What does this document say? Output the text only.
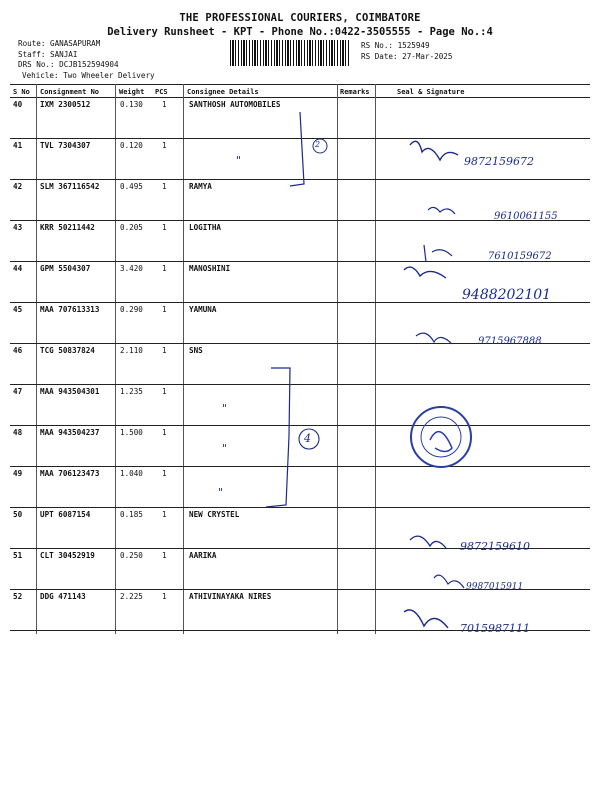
THE PROFESSIONAL COURIERS, COIMBATORE
Delivery Runsheet - KPT - Phone No.:0422-3505555 - Page No.:4
Route: GANASAPURAM
Staff: SANJAI
DRS No.: DCJB152594904
Vehicle: Two Wheeler Delivery
RS No.: 1525949
RS Date: 27-Mar-2025
S No Consignment No	Weight PCS	Consignee Details	Remarks	Seal & Signature
40 IXM 2300512	0.130	1	SANTHOSH AUTOMOBILES
41 TVL 7304307	0.120	1
42 SLM 367116542	0.495	1	RAMYA
43 KRR 50211442	0.205	1	LOGITHA
44 GPM 5504307	3.420	1	MANOSHINI
45 MAA 707613313	0.290	1	YAMUNA
46 TCG 50837824	2.110	1	SNS
47 MAA 943504301	1.235	1
48 MAA 943504237	1.500	1
49 MAA 706123473	1.040	1
50 UPT 6087154	0.185	1	NEW CRYSTEL
51 CLT 30452919	0.250	1	AARIKA
52 DDG 471143	2.225	1	ATHIVINAYAKA NIRES
2
4
"
"
"
"
9872159672
9610061155
7610159672
9488202101
9715967888
9872159610
9987015911
7015987111
